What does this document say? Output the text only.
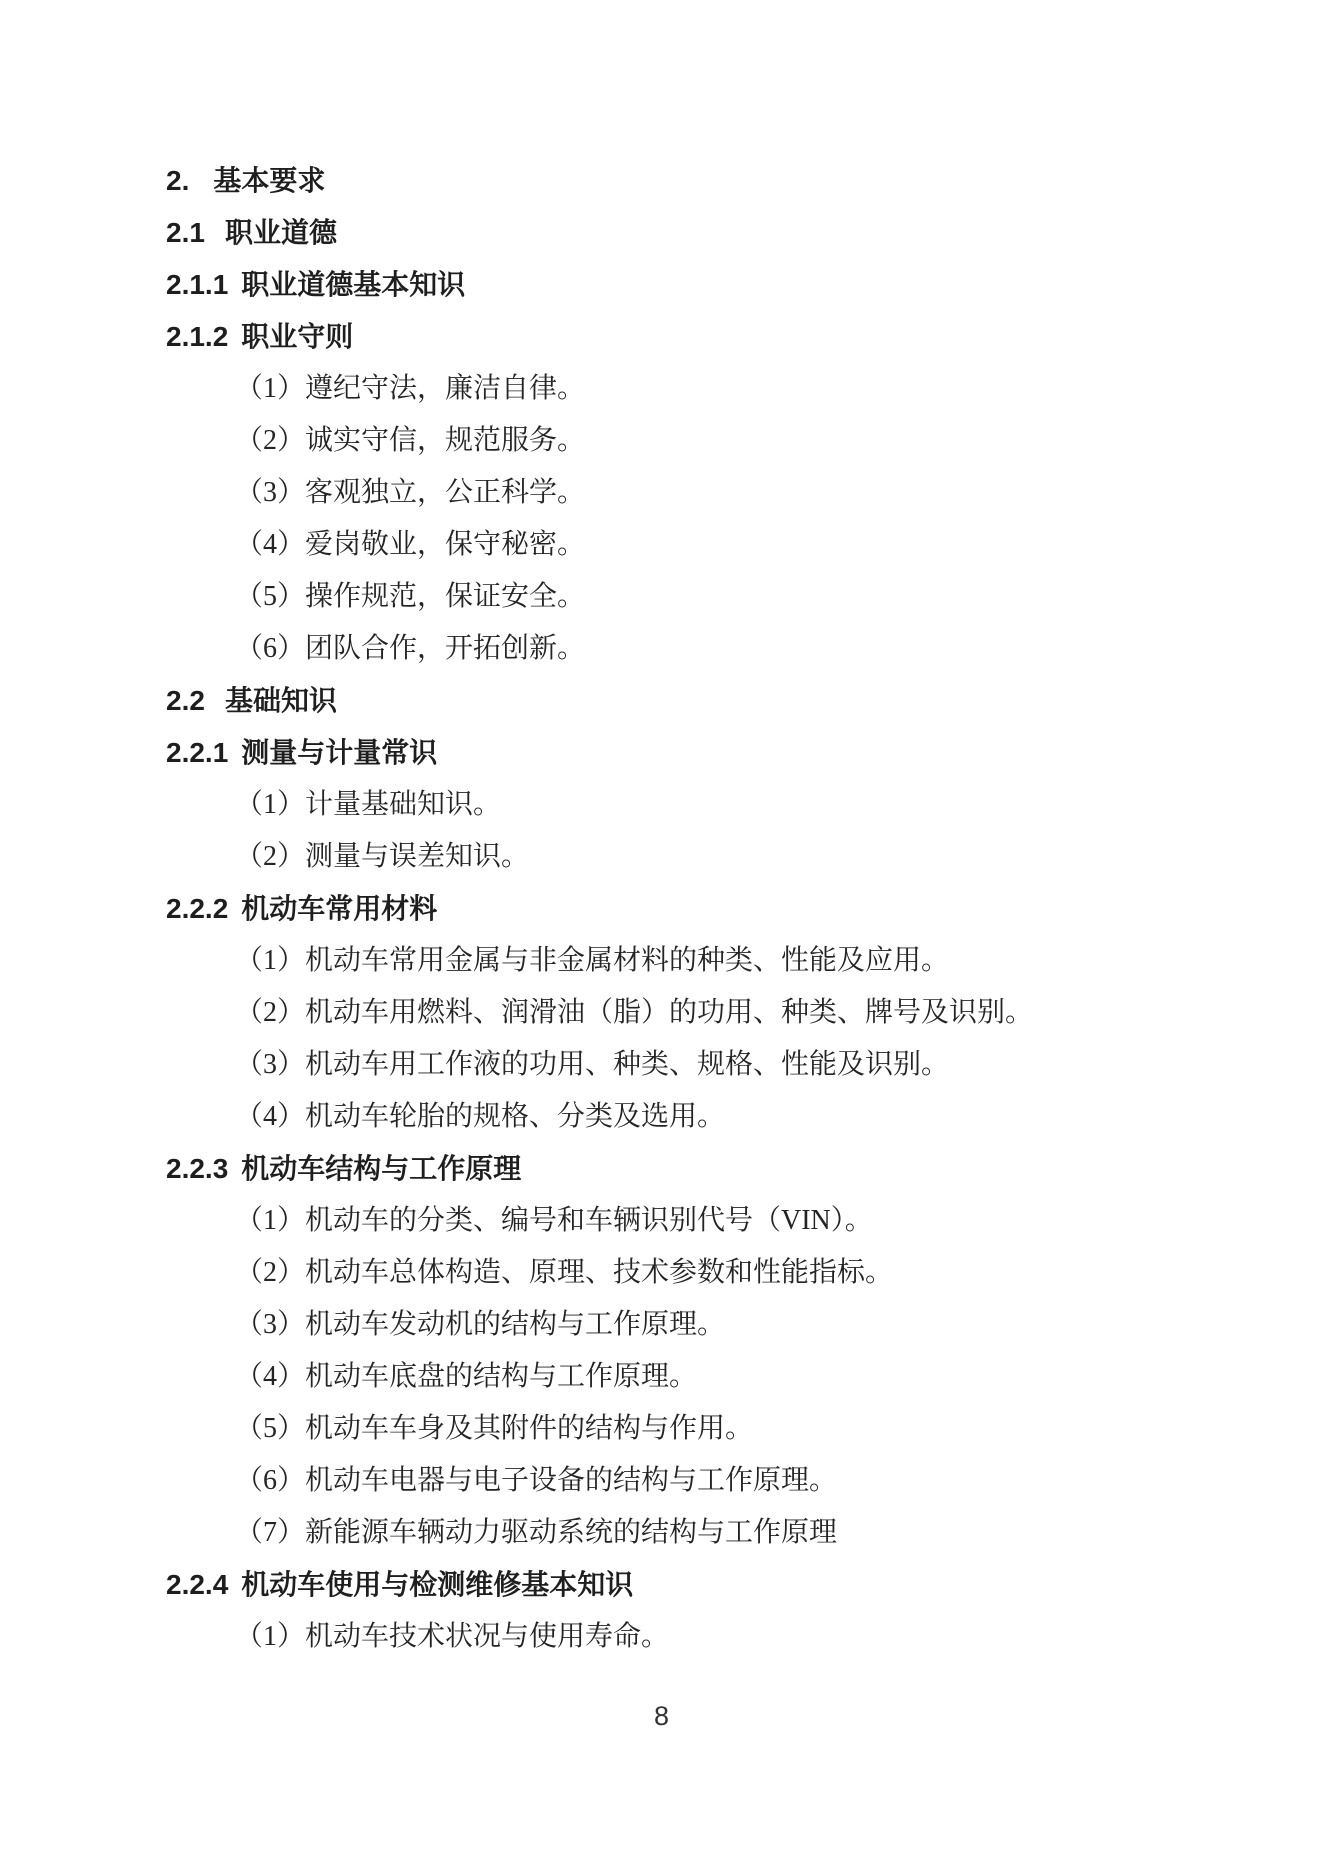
2. 基本要求
2.1 职业道德
2.1.1 职业道德基本知识
2.1.2 职业守则
（1）遵纪守法，廉洁自律。
（2）诚实守信，规范服务。
（3）客观独立，公正科学。
（4）爱岗敬业，保守秘密。
（5）操作规范，保证安全。
（6）团队合作，开拓创新。
2.2 基础知识
2.2.1 测量与计量常识
（1）计量基础知识。
（2）测量与误差知识。
2.2.2 机动车常用材料
（1）机动车常用金属与非金属材料的种类、性能及应用。
（2）机动车用燃料、润滑油（脂）的功用、种类、牌号及识别。
（3）机动车用工作液的功用、种类、规格、性能及识别。
（4）机动车轮胎的规格、分类及选用。
2.2.3 机动车结构与工作原理
（1）机动车的分类、编号和车辆识别代号（VIN）。
（2）机动车总体构造、原理、技术参数和性能指标。
（3）机动车发动机的结构与工作原理。
（4）机动车底盘的结构与工作原理。
（5）机动车车身及其附件的结构与作用。
（6）机动车电器与电子设备的结构与工作原理。
（7）新能源车辆动力驱动系统的结构与工作原理
2.2.4 机动车使用与检测维修基本知识
（1）机动车技术状况与使用寿命。
8
